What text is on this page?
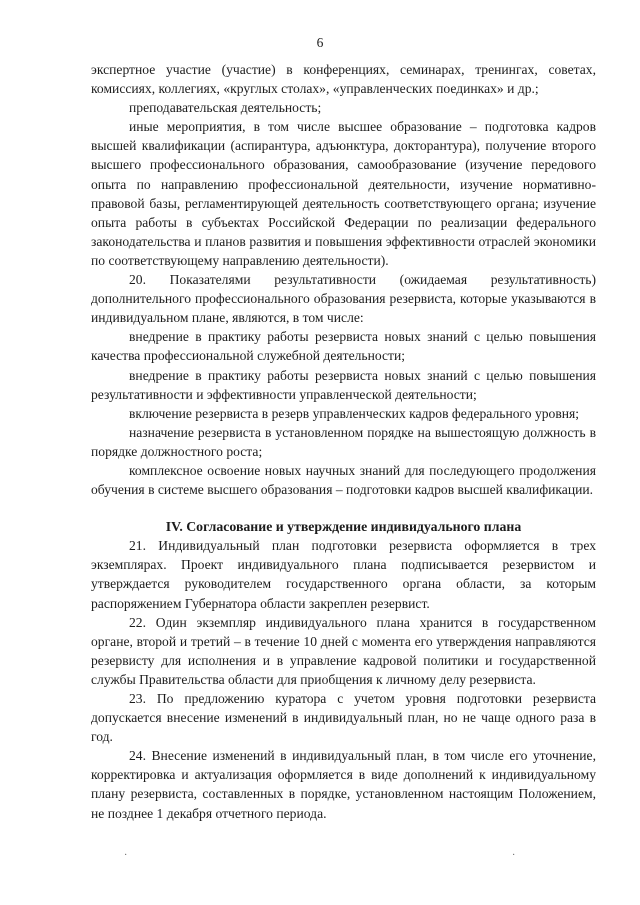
6

экспертное участие (участие) в конференциях, семинарах, тренингах, советах, комиссиях, коллегиях, «круглых столах», «управленческих поединках» и др.;

преподавательская деятельность;

иные мероприятия, в том числе высшее образование – подготовка кадров высшей квалификации (аспирантура, адъюнктура, докторантура), получение второго высшего профессионального образования, самообразование (изучение передового опыта по направлению профессиональной деятельности, изучение нормативно-правовой базы, регламентирующей деятельность соответствующего органа; изучение опыта работы в субъектах Российской Федерации по реализации федерального законодательства и планов развития и повышения эффективности отраслей экономики по соответствующему направлению деятельности).

20. Показателями результативности (ожидаемая результативность) дополнительного профессионального образования резервиста, которые указываются в индивидуальном плане, являются, в том числе:

внедрение в практику работы резервиста новых знаний с целью повышения качества профессиональной служебной деятельности;

внедрение в практику работы резервиста новых знаний с целью повышения результативности и эффективности управленческой деятельности;

включение резервиста в резерв управленческих кадров федерального уровня;

назначение резервиста в установленном порядке на вышестоящую должность в порядке должностного роста;

комплексное освоение новых научных знаний для последующего продолжения обучения в системе высшего образования – подготовки кадров высшей квалификации.

IV. Согласование и утверждение индивидуального плана

21. Индивидуальный план подготовки резервиста оформляется в трех экземплярах. Проект индивидуального плана подписывается резервистом и утверждается руководителем государственного органа области, за которым распоряжением Губернатора области закреплен резервист.

22. Один экземпляр индивидуального плана хранится в государственном органе, второй и третий – в течение 10 дней с момента его утверждения направляются резервисту для исполнения и в управление кадровой политики и государственной службы Правительства области для приобщения к личному делу резервиста.

23. По предложению куратора с учетом уровня подготовки резервиста допускается внесение изменений в индивидуальный план, но не чаще одного раза в год.

24. Внесение изменений в индивидуальный план, в том числе его уточнение, корректировка и актуализация оформляется в виде дополнений к индивидуальному плану резервиста, составленных в порядке, установленном настоящим Положением, не позднее 1 декабря отчетного периода.

·	·
